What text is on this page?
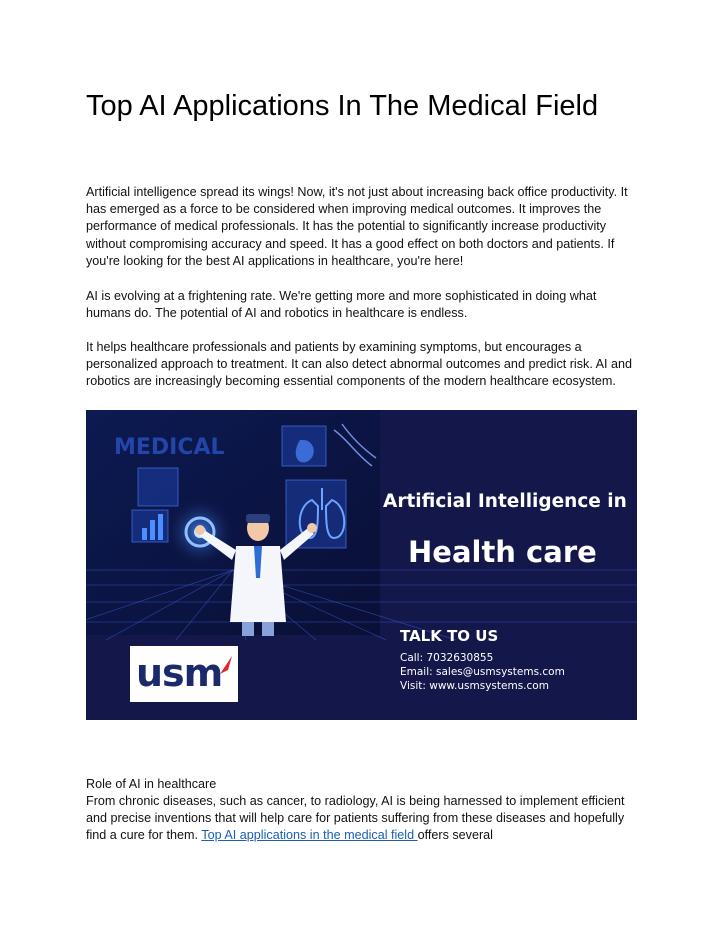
Top AI Applications In The Medical Field

Artificial intelligence spread its wings! Now, it's not just about increasing back office productivity. It has emerged as a force to be considered when improving medical outcomes. It improves the performance of medical professionals. It has the potential to significantly increase productivity without compromising accuracy and speed. It has a good effect on both doctors and patients. If you're looking for the best AI applications in healthcare, you're here!

AI is evolving at a frightening rate. We're getting more and more sophisticated in doing what humans do. The potential of AI and robotics in healthcare is endless.

It helps healthcare professionals and patients by examining symptoms, but encourages a personalized approach to treatment. It can also detect abnormal outcomes and predict risk. AI and robotics are increasingly becoming essential components of the modern healthcare ecosystem.

MEDICAL
Artificial Intelligence in
Health care
TALK TO US
Call: 7032630855
Email: sales@usmsystems.com
Visit: www.usmsystems.com
usm

Role of AI in healthcare

From chronic diseases, such as cancer, to radiology, AI is being harnessed to implement efficient and precise inventions that will help care for patients suffering from these diseases and hopefully find a cure for them. Top AI applications in the medical field offers several
